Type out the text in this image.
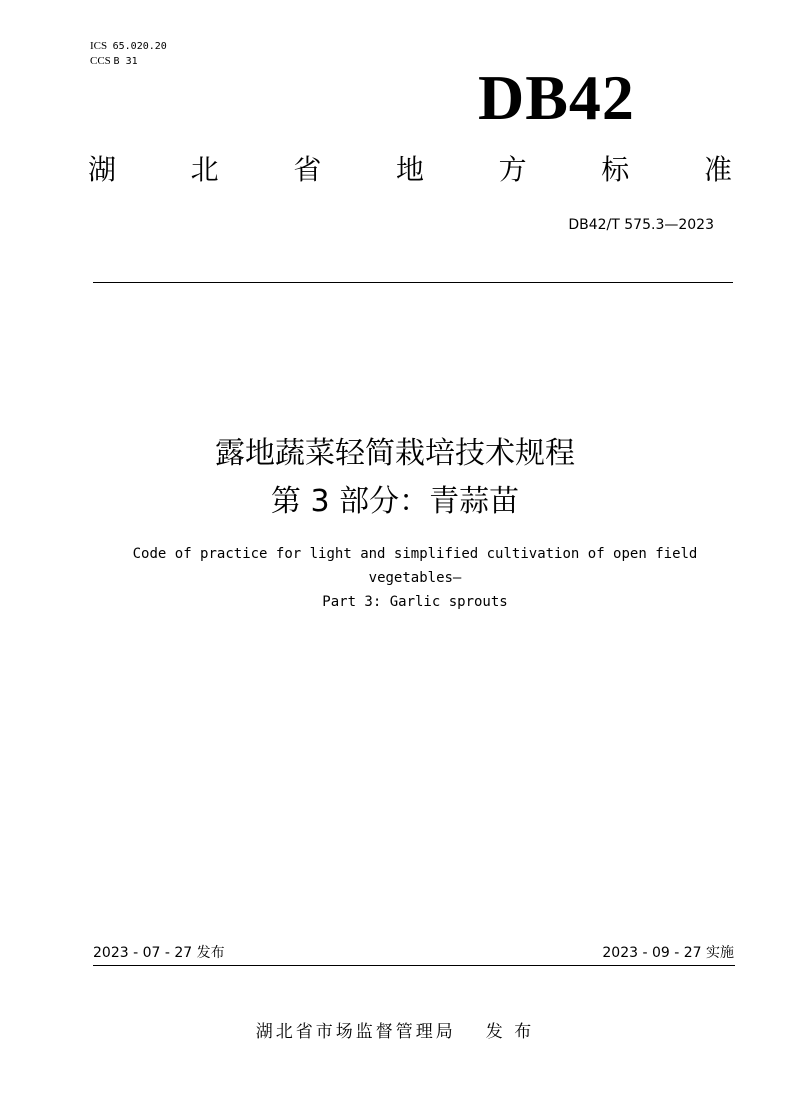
ICS 65.020.20
CCS B 31
DB42
湖	北	省	地	方	标	准
DB42/T 575.3—2023
露地蔬菜轻简栽培技术规程
第 3 部分：青蒜苗
Code of practice for light and simplified cultivation of open field
vegetables—
Part 3: Garlic sprouts
2023 - 07 - 27 发布	2023 - 09 - 27 实施
湖北省市场监督管理局 发 布
